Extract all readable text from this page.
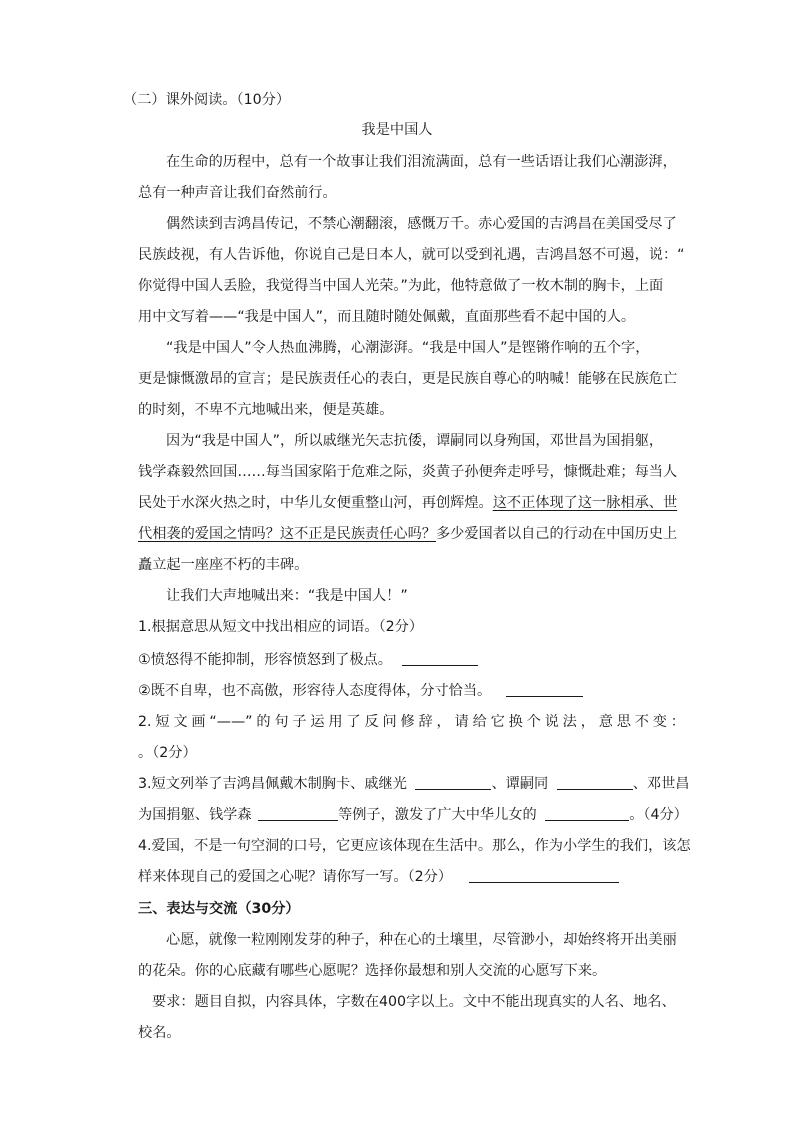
（二）课外阅读。（10分）

我是中国人

在生命的历程中，总有一个故事让我们泪流满面，总有一些话语让我们心潮澎湃，

总有一种声音让我们奋然前行。

偶然读到吉鸿昌传记，不禁心潮翻滚，感慨万千。赤心爱国的吉鸿昌在美国受尽了

民族歧视，有人告诉他，你说自己是日本人，就可以受到礼遇，吉鸿昌怒不可遏，说：“

你觉得中国人丢脸，我觉得当中国人光荣。”为此，他特意做了一枚木制的胸卡，上面

用中文写着——“我是中国人”，而且随时随处佩戴，直面那些看不起中国的人。

“我是中国人”令人热血沸腾，心潮澎湃。“我是中国人”是铿锵作响的五个字，

更是慷慨激昂的宣言；是民族责任心的表白，更是民族自尊心的呐喊！能够在民族危亡

的时刻，不卑不亢地喊出来，便是英雄。

因为“我是中国人”，所以戚继光矢志抗倭，谭嗣同以身殉国，邓世昌为国捐躯，

钱学森毅然回国……每当国家陷于危难之际，炎黄子孙便奔走呼号，慷慨赴难；每当人

民处于水深火热之时，中华儿女便重整山河，再创辉煌。这不正体现了这一脉相承、世

代相袭的爱国之情吗？这不正是民族责任心吗？多少爱国者以自己的行动在中国历史上

矗立起一座座不朽的丰碑。

让我们大声地喊出来：“我是中国人！”

1.根据意思从短文中找出相应的词语。（2分）

①愤怒得不能抑制，形容愤怒到了极点。

②既不自卑，也不高傲，形容待人态度得体，分寸恰当。

2.短文画“——”的句子运用了反问修辞，请给它换个说法，意思不变：

。（2分）

3.短文列举了吉鸿昌佩戴木制胸卡、戚继光	、谭嗣同	、邓世昌

为国捐躯、钱学森	等例子，激发了广大中华儿女的	。（4分）

4.爱国，不是一句空洞的口号，它更应该体现在生活中。那么，作为小学生的我们，该怎

样来体现自己的爱国之心呢？请你写一写。（2分）

三、表达与交流（30分）

心愿，就像一粒刚刚发芽的种子，种在心的土壤里，尽管渺小，却始终将开出美丽

的花朵。你的心底藏有哪些心愿呢？选择你最想和别人交流的心愿写下来。

要求：题目自拟，内容具体，字数在400字以上。文中不能出现真实的人名、地名、

校名。
